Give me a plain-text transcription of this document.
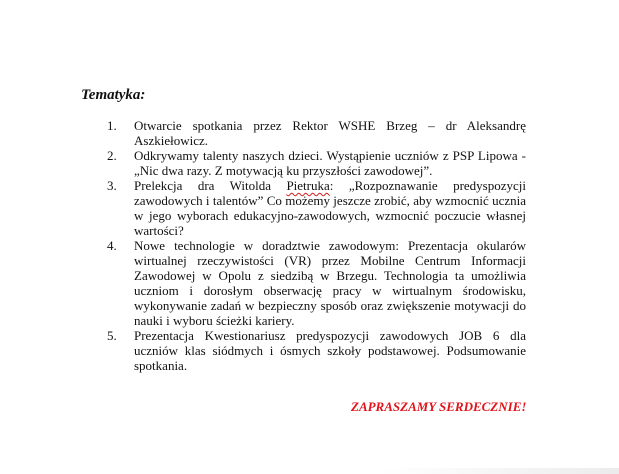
Tematyka:

1. Otwarcie spotkania przez Rektor WSHE Brzeg – dr Aleksandrę Aszkiełowicz.
2. Odkrywamy talenty naszych dzieci. Wystąpienie uczniów z PSP Lipowa - „Nic dwa razy. Z motywacją ku przyszłości zawodowej”.
3. Prelekcja dra Witolda Pietruka: „Rozpoznawanie predyspozycji zawodowych i talentów” Co możemy jeszcze zrobić, aby wzmocnić ucznia w jego wyborach edukacyjno-zawodowych, wzmocnić poczucie własnej wartości?
4. Nowe technologie w doradztwie zawodowym: Prezentacja okularów wirtualnej rzeczywistości (VR) przez Mobilne Centrum Informacji Zawodowej w Opolu z siedzibą w Brzegu. Technologia ta umożliwia uczniom i dorosłym obserwację pracy w wirtualnym środowisku, wykonywanie zadań w bezpieczny sposób oraz zwiększenie motywacji do nauki i wyboru ścieżki kariery.
5. Prezentacja Kwestionariusz predyspozycji zawodowych JOB 6 dla uczniów klas siódmych i ósmych szkoły podstawowej. Podsumowanie spotkania.

ZAPRASZAMY SERDECZNIE!
